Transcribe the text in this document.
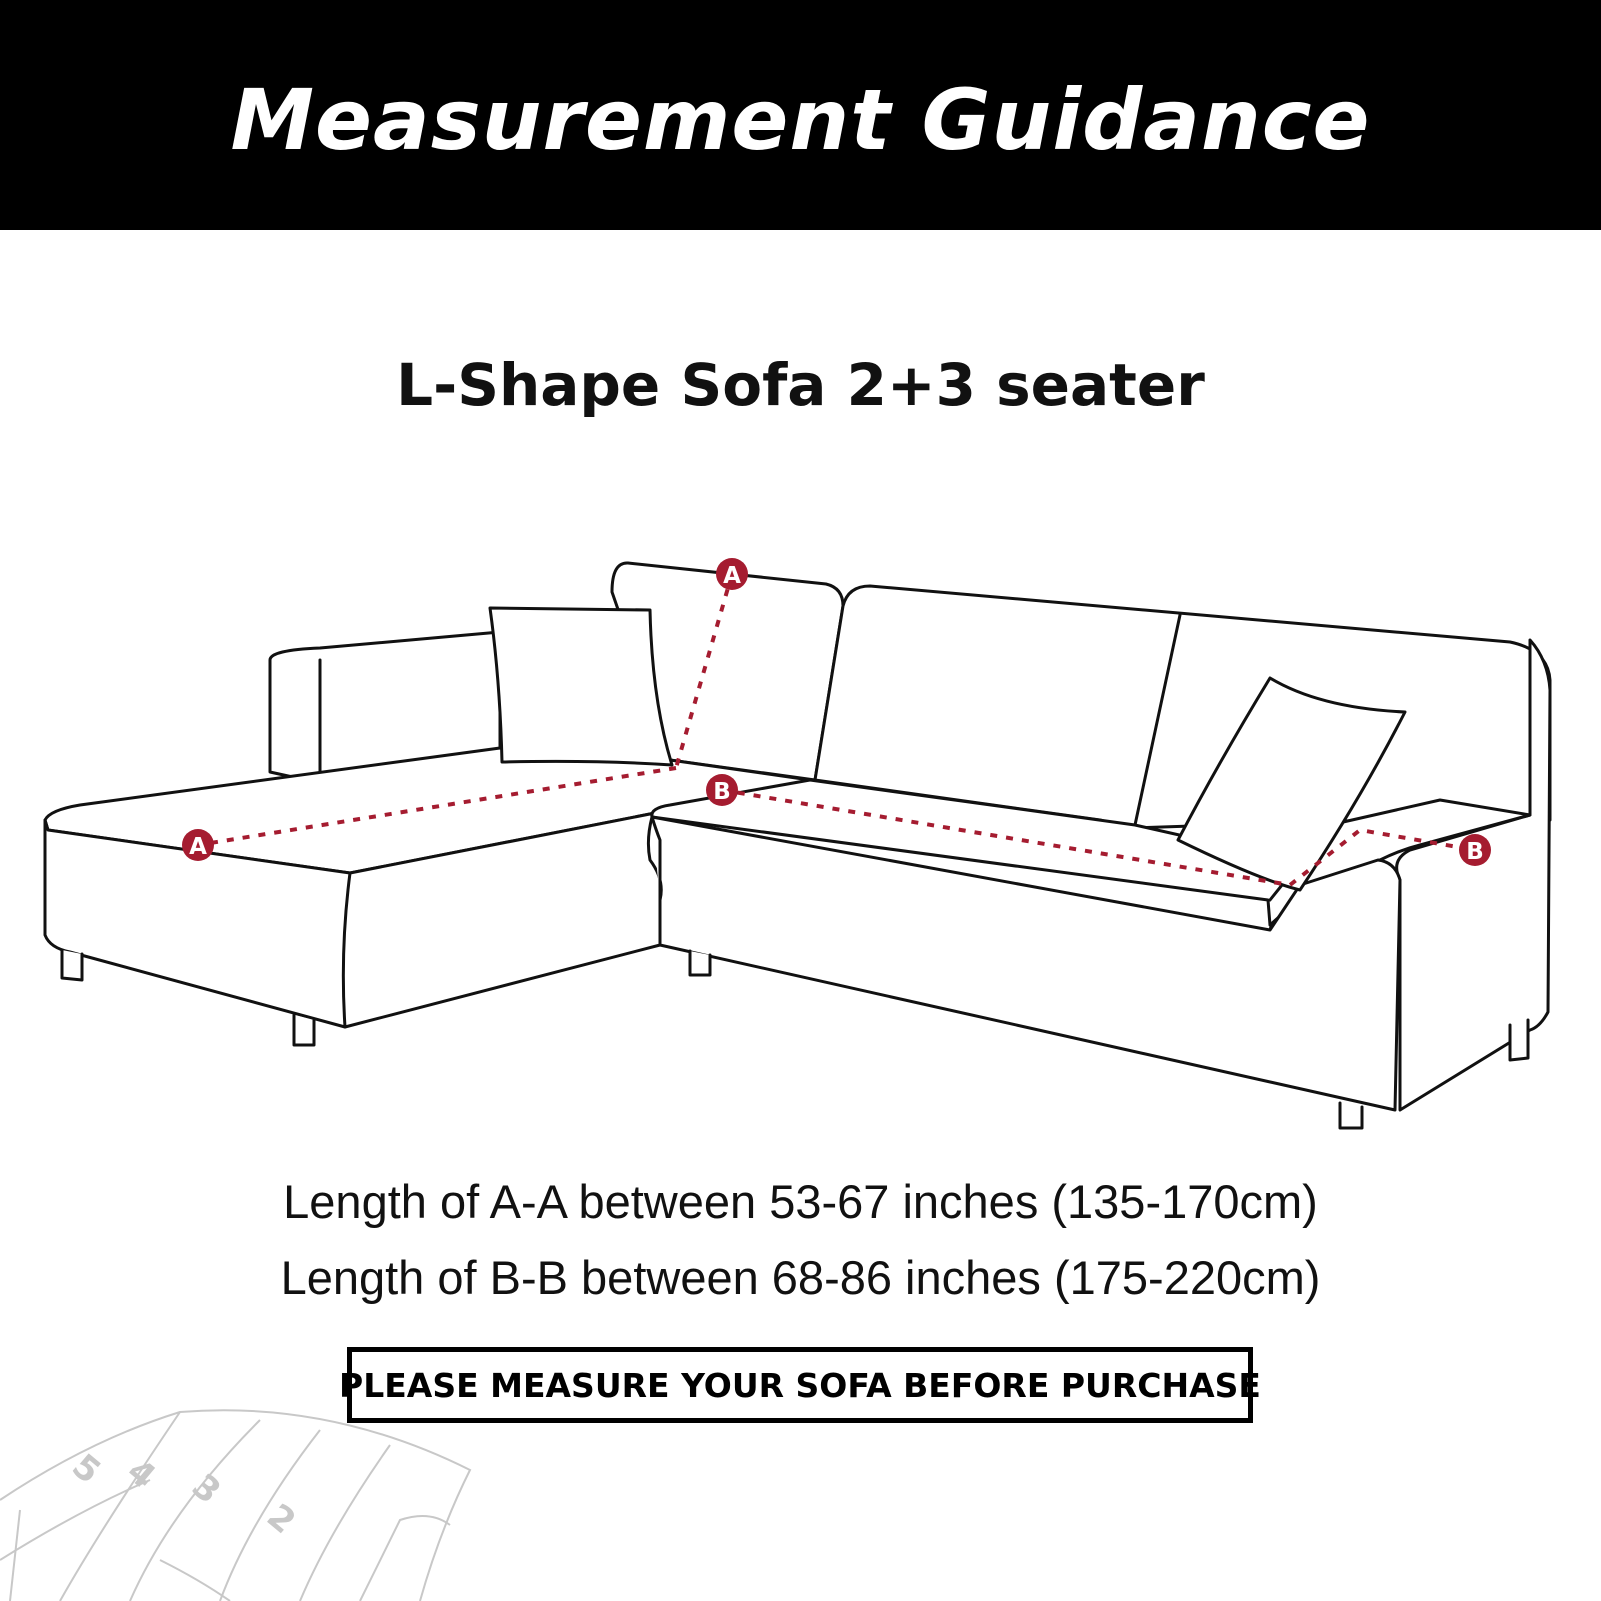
Measurement Guidance
L-Shape Sofa 2+3 seater
A
A
B
B
Length of A-A between 53-67 inches (135-170cm)
Length of B-B between 68-86 inches (175-220cm)
PLEASE MEASURE YOUR SOFA BEFORE PURCHASE
5 4 3
2
